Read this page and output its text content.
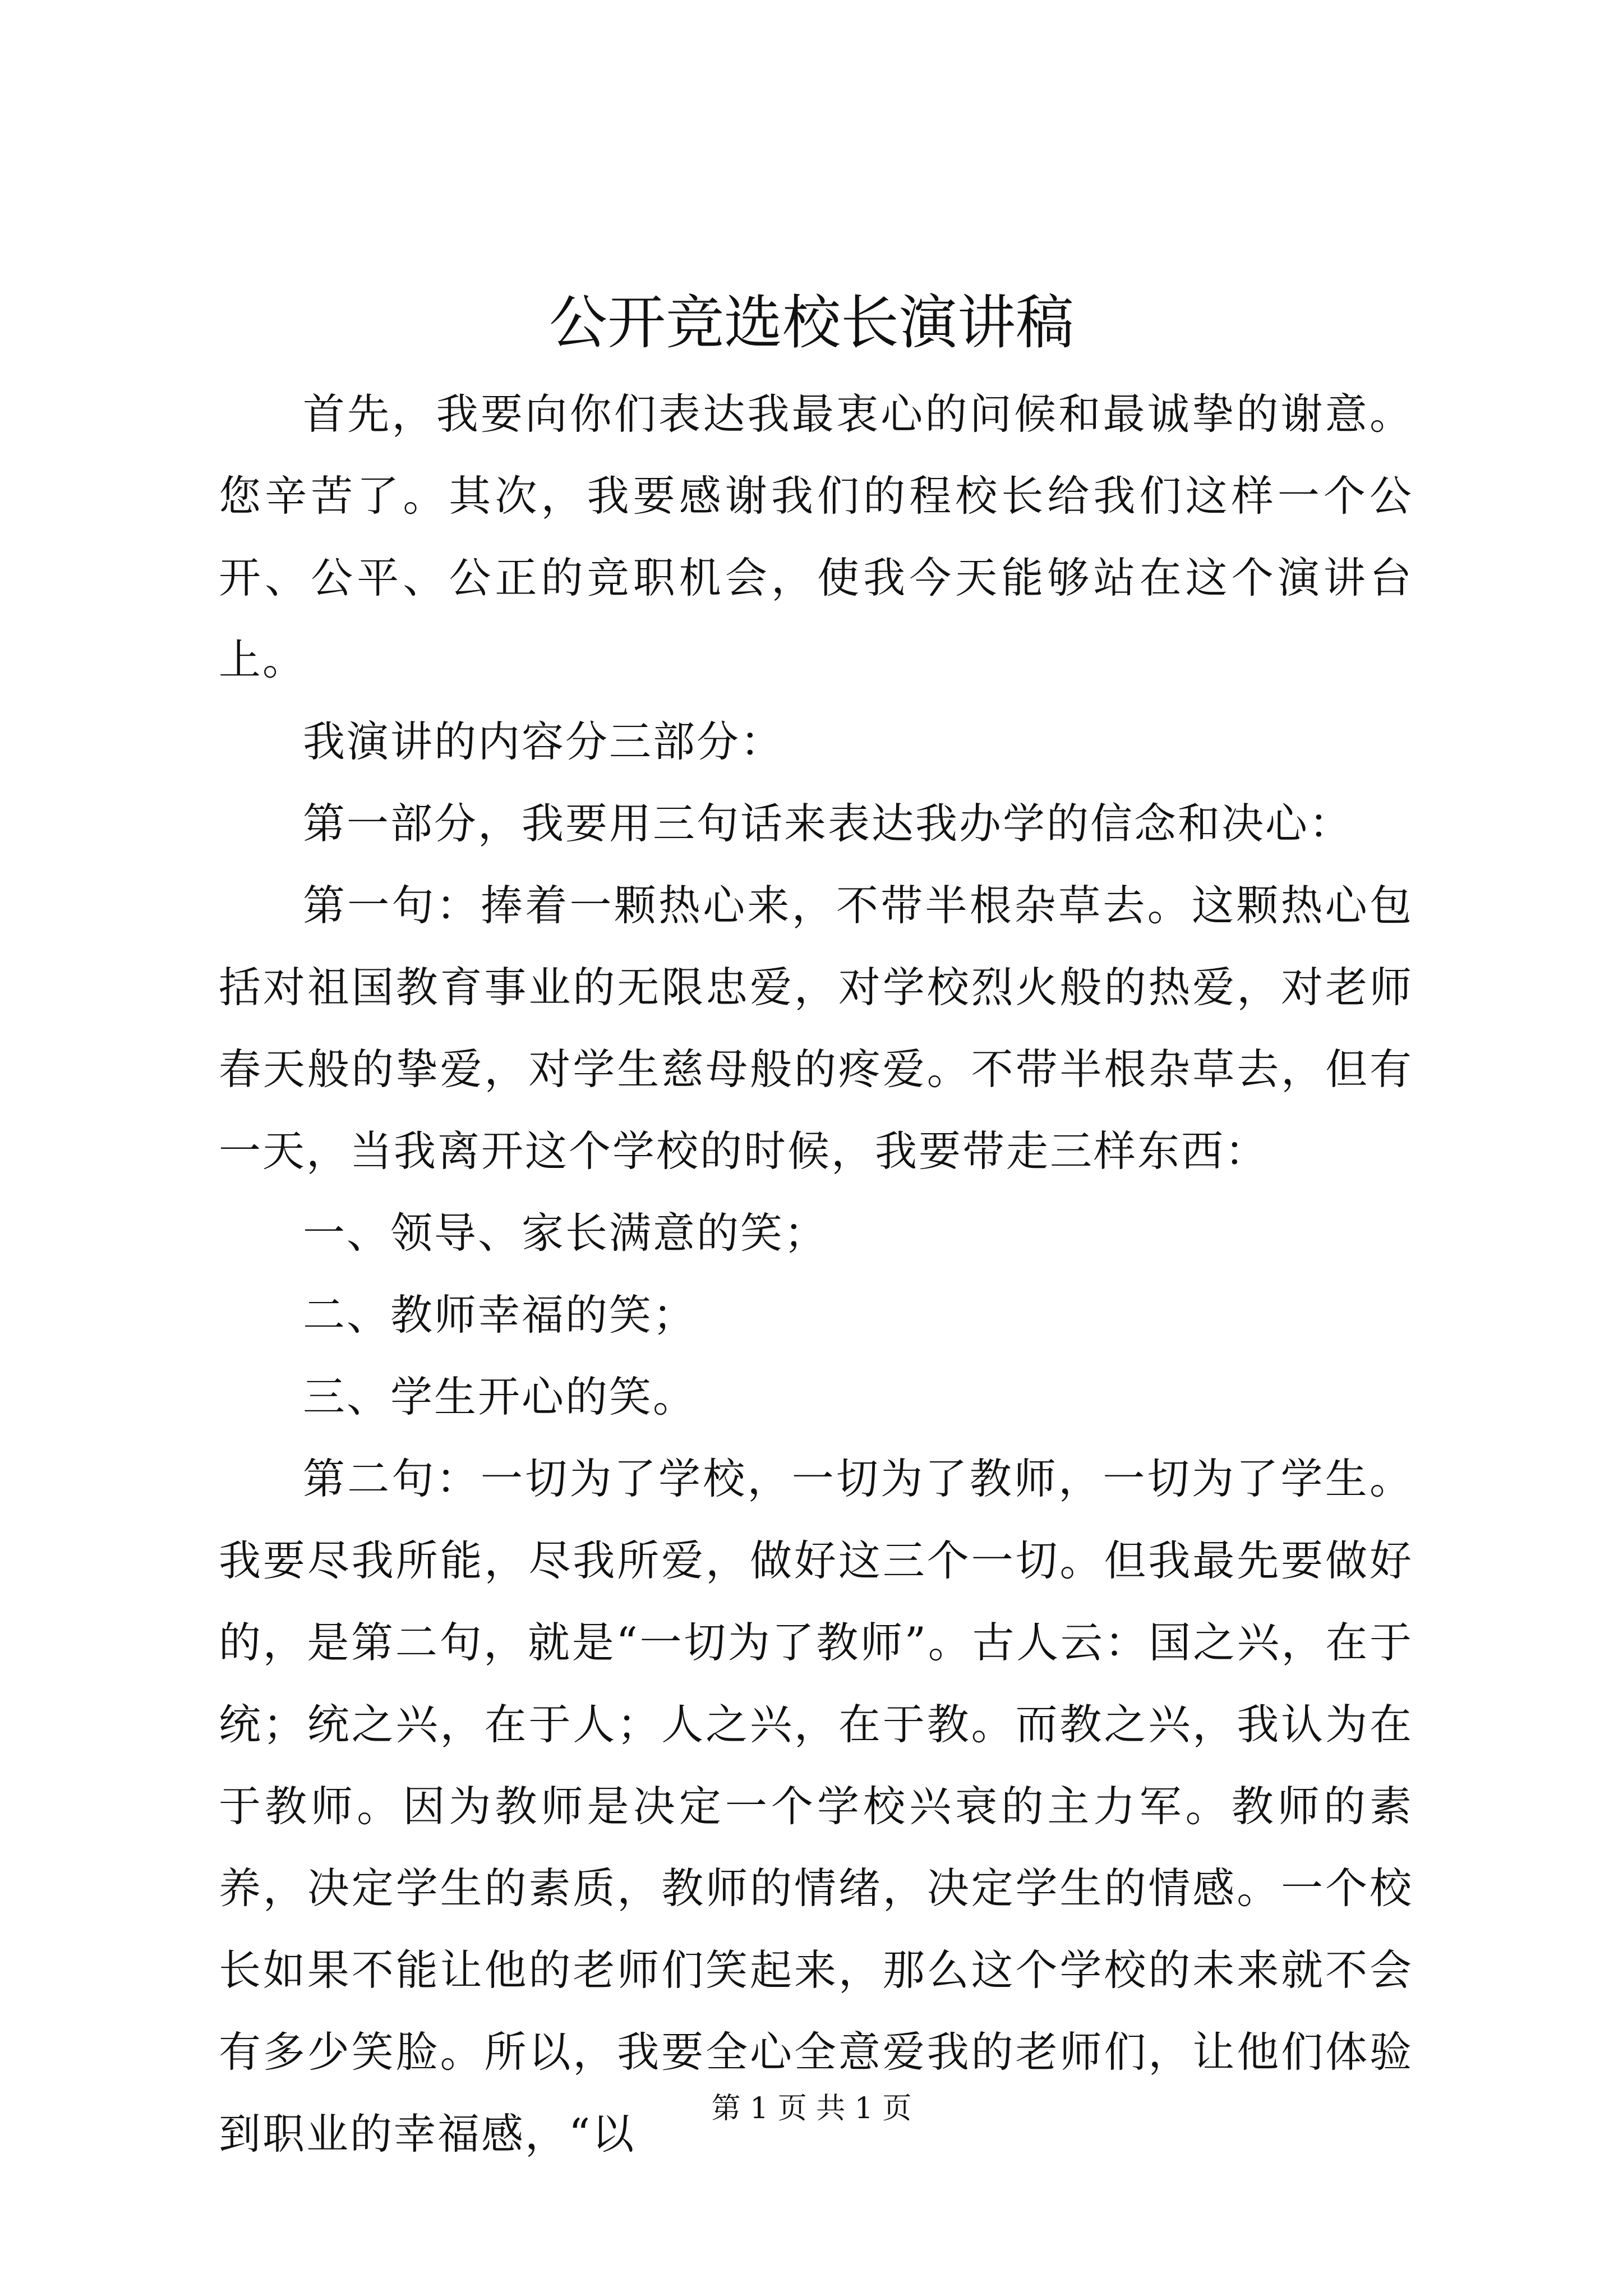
公开竞选校长演讲稿

首先，我要向你们表达我最衷心的问候和最诚挚的谢意。您辛苦了。其次，我要感谢我们的程校长给我们这样一个公开、公平、公正的竞职机会，使我今天能够站在这个演讲台上。

我演讲的内容分三部分：

第一部分，我要用三句话来表达我办学的信念和决心：

第一句：捧着一颗热心来，不带半根杂草去。这颗热心包括对祖国教育事业的无限忠爱，对学校烈火般的热爱，对老师春天般的挚爱，对学生慈母般的疼爱。不带半根杂草去，但有一天，当我离开这个学校的时候，我要带走三样东西：

一、领导、家长满意的笑；

二、教师幸福的笑；

三、学生开心的笑。

第二句：一切为了学校，一切为了教师，一切为了学生。我要尽我所能，尽我所爱，做好这三个一切。但我最先要做好的，是第二句，就是“一切为了教师”。古人云：国之兴，在于统；统之兴，在于人；人之兴，在于教。而教之兴，我认为在于教师。因为教师是决定一个学校兴衰的主力军。教师的素养，决定学生的素质，教师的情绪，决定学生的情感。一个校长如果不能让他的老师们笑起来，那么这个学校的未来就不会有多少笑脸。所以，我要全心全意爱我的老师们，让他们体验到职业的幸福感，“以

第 1 页 共 1 页
